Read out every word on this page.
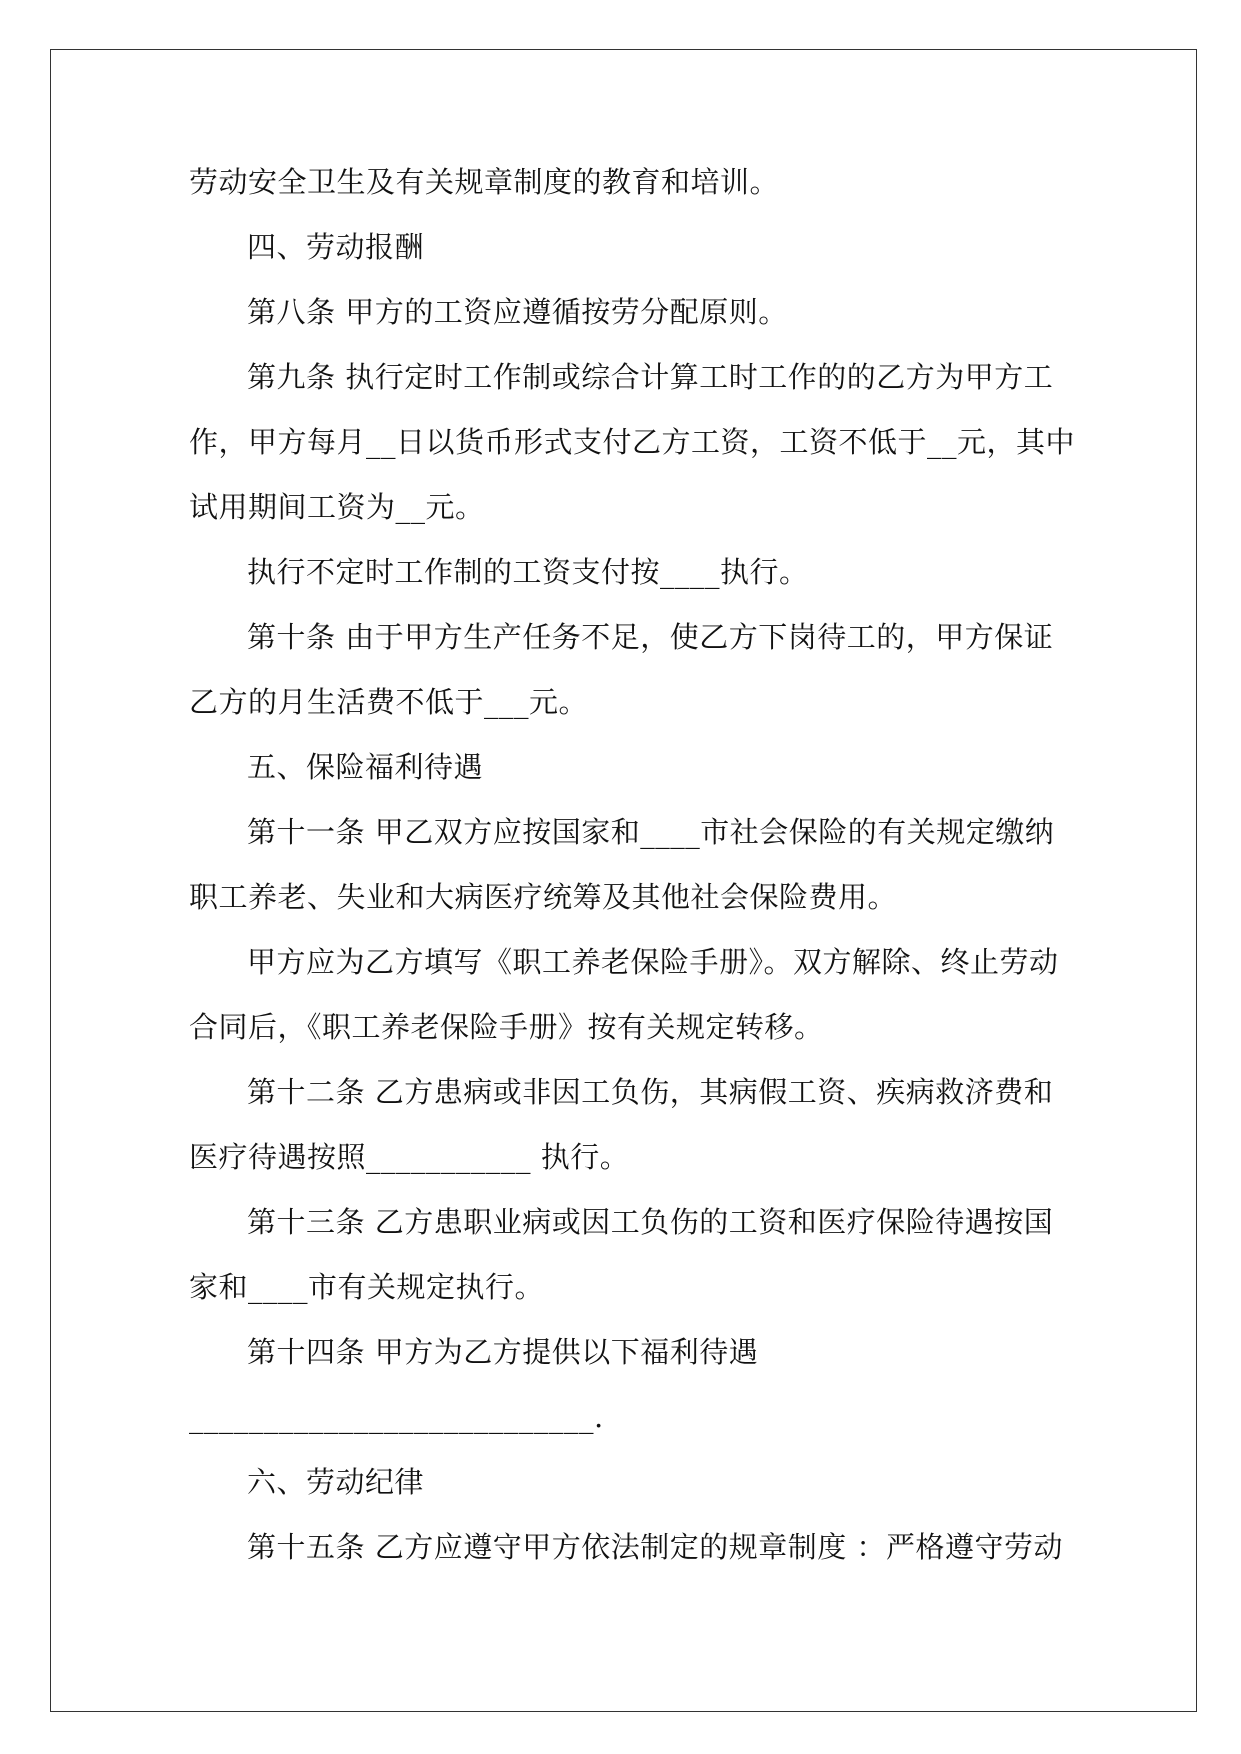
劳动安全卫生及有关规章制度的教育和培训。
四、劳动报酬
第八条 甲方的工资应遵循按劳分配原则。
第九条 执行定时工作制或综合计算工时工作的的乙方为甲方工
作，甲方每月__日以货币形式支付乙方工资，工资不低于__元，其中
试用期间工资为__元。
执行不定时工作制的工资支付按____执行。
第十条 由于甲方生产任务不足，使乙方下岗待工的，甲方保证
乙方的月生活费不低于___元。
五、保险福利待遇
第十一条 甲乙双方应按国家和____市社会保险的有关规定缴纳
职工养老、失业和大病医疗统筹及其他社会保险费用。
甲方应为乙方填写《职工养老保险手册》。双方解除、终止劳动
合同后，《职工养老保险手册》按有关规定转移。
第十二条 乙方患病或非因工负伤，其病假工资、疾病救济费和
医疗待遇按照___________ 执行。
第十三条 乙方患职业病或因工负伤的工资和医疗保险待遇按国
家和____市有关规定执行。
第十四条 甲方为乙方提供以下福利待遇
___________________________.
六、劳动纪律
第十五条 乙方应遵守甲方依法制定的规章制度 ：严格遵守劳动
